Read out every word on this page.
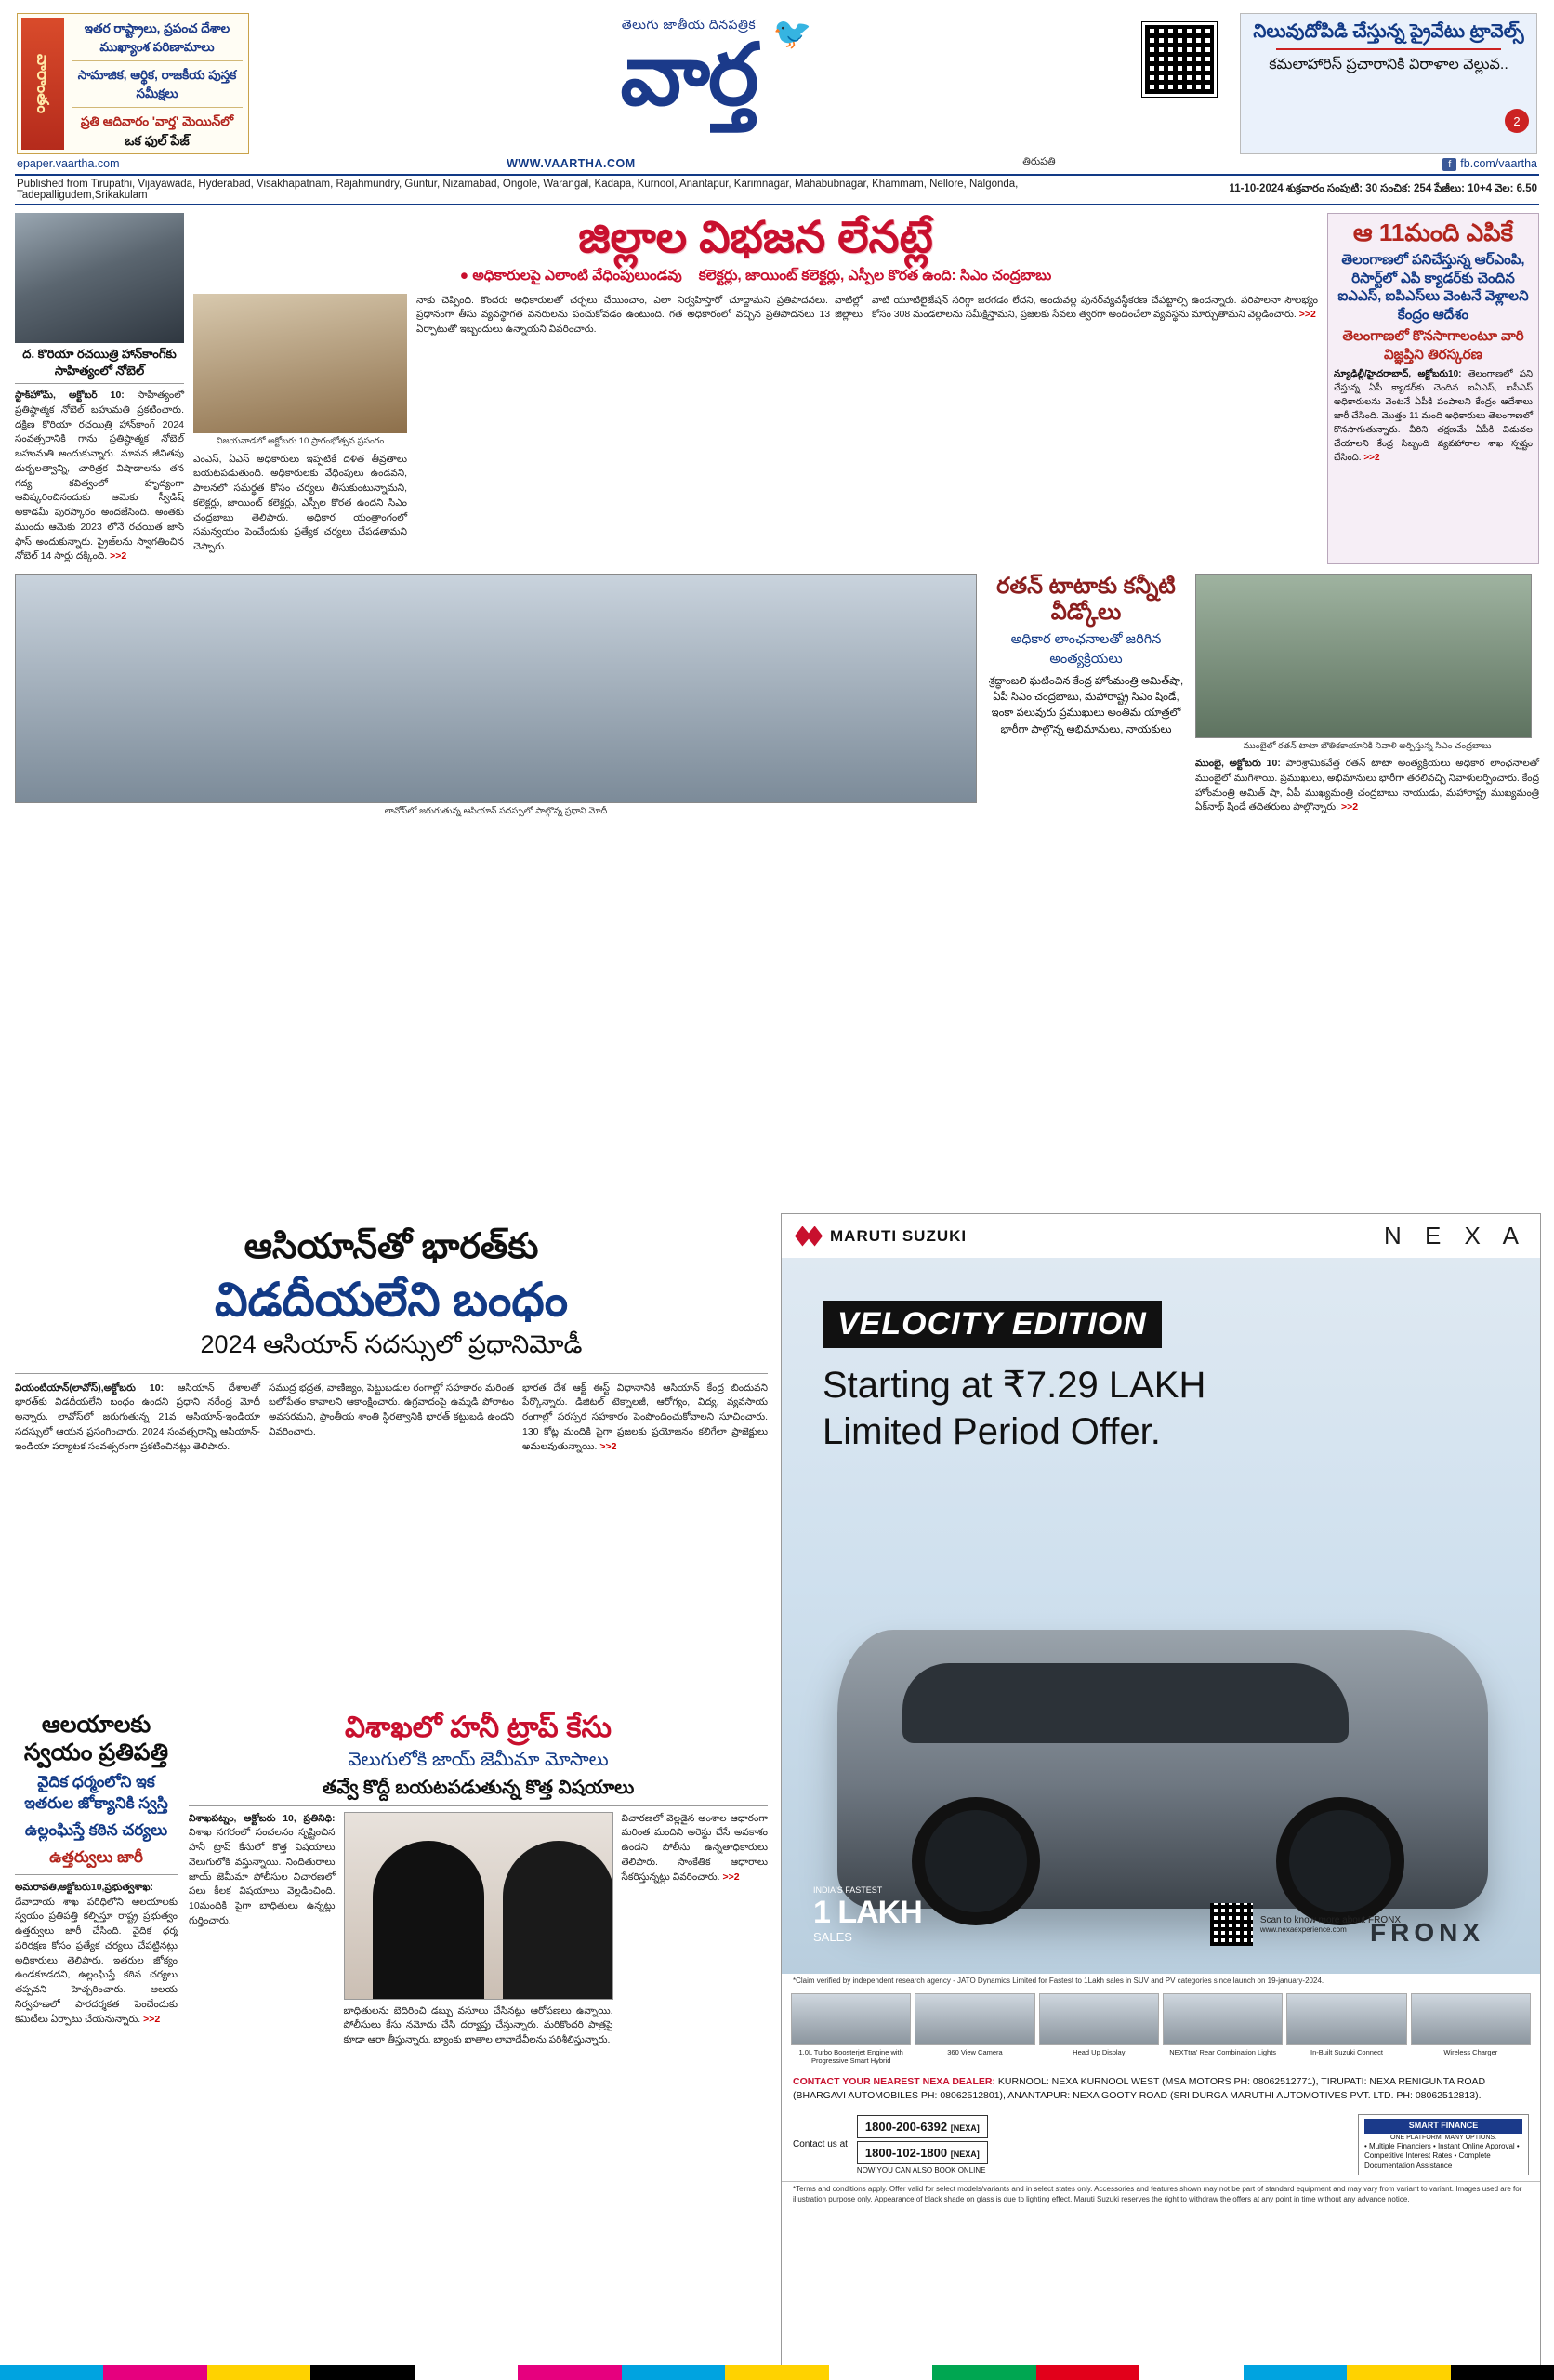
వారాంతం
ఇతర రాష్ట్రాలు, ప్రపంచ దేశాల ముఖ్యాంశ పరిణామాలు
సామాజిక, ఆర్థిక, రాజకీయ పుస్తక సమీక్షలు
ప్రతి ఆదివారం 'వార్త' మెయిన్‌లో
ఒక ఫుల్ పేజ్
తెలుగు జాతీయ దినపత్రిక 🐦
వార్త	నిలువుదోపిడి చేస్తున్న ప్రైవేటు ట్రావెల్స్
కమలాహారిస్ ప్రచారానికి విరాళాల వెల్లువ..
2
epaper.vaartha.com	WWW.VAARTHA.COM	తిరుపతి	f fb.com/vaartha
Published from Tirupathi, Vijayawada, Hyderabad, Visakhapatnam, Rajahmundry, Guntur, Nizamabad, Ongole, Warangal, Kadapa, Kurnool, Anantapur, Karimnagar, Mahabubnagar, Khammam, Nellore, Nalgonda, Tadepalligudem,Srikakulam
11-10-2024 శుక్రవారం సంపుటి: 30 సంచిక: 254 పేజీలు: 10+4 వెల: 6.50
ద. కొరియా రచయిత్రి హాన్‌కాంగ్‌కు సాహిత్యంలో నోబెల్
స్టాక్‌హోమ్, అక్టోబర్ 10: సాహిత్యంలో ప్రతిష్ఠాత్మక నోబెల్ బహుమతి ప్రకటించారు. దక్షిణ కొరియా రచయిత్రి హాన్‌కాంగ్‌ 2024 సంవత్సరానికి గాను ప్రతిష్ఠాత్మక నోబెల్ బహుమతి అందుకున్నారు. మానవ జీవితపు దుర్బలత్వాన్ని, చారిత్రక విషాదాలను తన గద్య కవిత్వంలో హృద్యంగా ఆవిష్కరించినందుకు ఆమెకు స్వీడిష్ అకాడమీ పురస్కారం అందజేసింది. అంతకు ముందు ఆమెకు 2023 లోనే రచయిత జాన్ ఫాస్ అందుకున్నారు. ప్రైజ్‌లను స్వాగతించిన నోబెల్ 14 సార్లు దక్కింది. >>2
జిల్లాల విభజన లేనట్లే
● అధికారులపై ఎలాంటి వేధింపులుండవు కలెక్టర్లు, జాయింట్ కలెక్టర్లు, ఎస్పీల కొరత ఉంది: సిఎం చంద్రబాబు
విజయవాడలో అక్టోబరు 10 ప్రారంభోత్సవ ప్రసంగం
ఎంఎస్, ఏఎస్ అధికారులు ఇప్పటికే దళిత తీవ్రతాలు బయటపడుతుంది. అధికారులకు వేధింపులు ఉండవని, పాలనలో సమర్థత కోసం చర్యలు తీసుకుంటున్నామని, కలెక్టర్లు, జాయింట్ కలెక్టర్లు, ఎస్పీల కొరత ఉందని సిఎం చంద్రబాబు తెలిపారు. అధికార యంత్రాంగంలో సమన్వయం పెంచేందుకు ప్రత్యేక చర్యలు చేపడతామని చెప్పారు.
నాకు చెప్పింది. కొందరు అధికారులతో చర్చలు చేయించాం, ఎలా నిర్వహిస్తారో చూద్దామని ప్రతిపాదనలు. వాటిల్లో ప్రధానంగా తీసు వ్యవస్థాగత వనరులను పంచుకోవడం ఉంటుంది. గత అధికారంలో వచ్చిన ప్రతిపాదనలు 13 జిల్లాలు ఏర్పాటుతో ఇబ్బందులు ఉన్నాయని వివరించారు.
వాటి యూటిలైజేషన్ సరిగ్గా జరగడం లేదని, అందువల్ల పునర్‌వ్యవస్థీకరణ చేపట్టాల్సి ఉందన్నారు. పరిపాలనా సౌలభ్యం కోసం 308 మండలాలను సమీక్షిస్తామని, ప్రజలకు సేవలు త్వరగా అందించేలా వ్యవస్థను మార్చుతామని వెల్లడించారు. >>2
ఆ 11మంది ఎపికే
తెలంగాణలో పనిచేస్తున్న ఆర్‌ఎంపి, రిసార్ట్‌లో ఎపి క్యాడర్‌కు చెందిన ఐఎఎస్, ఐపిఎస్‌లు వెంటనే వెళ్లాలని కేంద్రం ఆదేశం
తెలంగాణలో కొనసాగాలంటూ వారి విజ్ఞప్తిని తిరస్కరణ
న్యూఢిల్లీ/హైదరాబాద్, అక్టోబరు10: తెలంగాణలో పని చేస్తున్న ఏపీ క్యాడర్‌కు చెందిన ఐఏఎస్, ఐపీఎస్ అధికారులను వెంటనే ఏపీకి పంపాలని కేంద్రం ఆదేశాలు జారీ చేసింది. మొత్తం 11 మంది అధికారులు తెలంగాణలో కొనసాగుతున్నారు. వీరిని తక్షణమే ఏపీకి విడుదల చేయాలని కేంద్ర సిబ్బంది వ్యవహారాల శాఖ స్పష్టం చేసింది. >>2
లావోస్‌లో జరుగుతున్న ఆసియాన్ సదస్సులో పాల్గొన్న ప్రధాని మోదీ
రతన్ టాటాకు కన్నీటి వీడ్కోలు
అధికార లాంఛనాలతో జరిగిన అంత్యక్రియలు
శ్రద్ధాంజలి ఘటించిన కేంద్ర హోంమంత్రి అమిత్‌షా, ఏపీ సిఎం చంద్రబాబు, మహారాష్ట్ర సిఎం షిండే, ఇంకా పలువురు ప్రముఖులు అంతిమ యాత్రలో భారీగా పాల్గొన్న అభిమానులు, నాయకులు
ముంబైలో రతన్ టాటా భౌతికకాయానికి నివాళి అర్పిస్తున్న సిఎం చంద్రబాబు
ముంబై, అక్టోబరు 10: పారిశ్రామికవేత్త రతన్ టాటా అంత్యక్రియలు అధికార లాంఛనాలతో ముంబైలో ముగిశాయి. ప్రముఖులు, అభిమానులు భారీగా తరలివచ్చి నివాళులర్పించారు. కేంద్ర హోంమంత్రి అమిత్ షా, ఏపీ ముఖ్యమంత్రి చంద్రబాబు నాయుడు, మహారాష్ట్ర ముఖ్యమంత్రి ఏక్‌నాథ్ షిండే తదితరులు పాల్గొన్నారు. >>2
ఆసియాన్‌తో భారత్‌కు
విడదీయలేని బంధం
2024 ఆసియాన్ సదస్సులో ప్రధానిమోడీ
వియంటియాన్(లావోస్),అక్టోబరు 10: ఆసియాన్ దేశాలతో భారత్‌కు విడదీయలేని బంధం ఉందని ప్రధాని నరేంద్ర మోదీ అన్నారు. లావోస్‌లో జరుగుతున్న 21వ ఆసియాన్-ఇండియా సదస్సులో ఆయన ప్రసంగించారు. 2024 సంవత్సరాన్ని ఆసియాన్-ఇండియా పర్యాటక సంవత్సరంగా ప్రకటించినట్లు తెలిపారు.
సముద్ర భద్రత, వాణిజ్యం, పెట్టుబడుల రంగాల్లో సహకారం మరింత బలోపేతం కావాలని ఆకాంక్షించారు. ఉగ్రవాదంపై ఉమ్మడి పోరాటం అవసరమని, ప్రాంతీయ శాంతి స్థిరత్వానికి భారత్ కట్టుబడి ఉందని వివరించారు.
భారత దేశ ఆక్ట్ ఈస్ట్ విధానానికి ఆసియాన్ కేంద్ర బిందువని పేర్కొన్నారు. డిజిటల్ టెక్నాలజీ, ఆరోగ్యం, విద్య, వ్యవసాయ రంగాల్లో పరస్పర సహకారం పెంపొందించుకోవాలని సూచించారు. 130 కోట్ల మందికి పైగా ప్రజలకు ప్రయోజనం కలిగేలా ప్రాజెక్టులు అమలవుతున్నాయి. >>2
ఆలయాలకు స్వయం ప్రతిపత్తి
వైదిక ధర్మంలోని ఇక ఇతరుల జోక్యానికి స్వస్తి
ఉల్లంఘిస్తే కఠిన చర్యలు
ఉత్తర్వులు జారీ
అమరావతి,అక్టోబరు10,ప్రభుత్వశాఖ: దేవాదాయ శాఖ పరిధిలోని ఆలయాలకు స్వయం ప్రతిపత్తి కల్పిస్తూ రాష్ట్ర ప్రభుత్వం ఉత్తర్వులు జారీ చేసింది. వైదిక ధర్మ పరిరక్షణ కోసం ప్రత్యేక చర్యలు చేపట్టినట్లు అధికారులు తెలిపారు. ఇతరుల జోక్యం ఉండకూడదని, ఉల్లంఘిస్తే కఠిన చర్యలు తప్పవని హెచ్చరించారు. ఆలయ నిర్వహణలో పారదర్శకత పెంచేందుకు కమిటీలు ఏర్పాటు చేయనున్నారు. >>2
విశాఖలో హనీ ట్రాప్ కేసు
వెలుగులోకి జాయ్ జెమీమా మోసాలు
తవ్వే కొద్దీ బయటపడుతున్న కొత్త విషయాలు
విశాఖపట్నం, అక్టోబరు 10, ప్రతినిధి: విశాఖ నగరంలో సంచలనం సృష్టించిన హనీ ట్రాప్ కేసులో కొత్త విషయాలు వెలుగులోకి వస్తున్నాయి. నిందితురాలు జాయ్ జెమీమా పోలీసుల విచారణలో పలు కీలక విషయాలు వెల్లడించింది. 10మందికి పైగా బాధితులు ఉన్నట్లు గుర్తించారు.
బాధితులను బెదిరించి డబ్బు వసూలు చేసినట్లు ఆరోపణలు ఉన్నాయి. పోలీసులు కేసు నమోదు చేసి దర్యాప్తు చేస్తున్నారు. మరికొందరి పాత్రపై కూడా ఆరా తీస్తున్నారు. బ్యాంకు ఖాతాల లావాదేవీలను పరిశీలిస్తున్నారు.
విచారణలో వెల్లడైన అంశాల ఆధారంగా మరింత మందిని అరెస్టు చేసే అవకాశం ఉందని పోలీసు ఉన్నతాధికారులు తెలిపారు. సాంకేతిక ఆధారాలు సేకరిస్తున్నట్లు వివరించారు. >>2
MARUTI SUZUKI	N E X A
VELOCITY EDITION
Starting at ₹7.29 LAKH
Limited Period Offer.
FRONX
INDIA'S FASTEST
1 LAKH
SALES
Scan to know more about FRONX
www.nexaexperience.com
*Claim verified by independent research agency - JATO Dynamics Limited for Fastest to 1Lakh sales in SUV and PV categories since launch on 19-january-2024.
1.0L Turbo Boosterjet Engine with Progressive Smart Hybrid
360 View Camera	Head Up Display	NEXTtra' Rear Combination Lights	In-Built Suzuki Connect	Wireless Charger
CONTACT YOUR NEAREST NEXA DEALER: KURNOOL: NEXA KURNOOL WEST (MSA MOTORS PH: 08062512771), TIRUPATI: NEXA RENIGUNTA ROAD (BHARGAVI AUTOMOBILES PH: 08062512801), ANANTAPUR: NEXA GOOTY ROAD (SRI DURGA MARUTHI AUTOMOTIVES PVT. LTD. PH: 08062512813).
Contact us at
1800-200-6392 [NEXA]
1800-102-1800 [NEXA]
NOW YOU CAN ALSO BOOK ONLINE
SMART FINANCE
ONE PLATFORM. MANY OPTIONS.
• Multiple Financiers • Instant Online Approval • Competitive Interest Rates • Complete Documentation Assistance
*Terms and conditions apply. Offer valid for select models/variants and in select states only. Accessories and features shown may not be part of standard equipment and may vary from variant to variant. Images used are for illustration purpose only. Appearance of black shade on glass is due to lighting effect. Maruti Suzuki reserves the right to withdraw the offers at any point in time without any advance notice.
